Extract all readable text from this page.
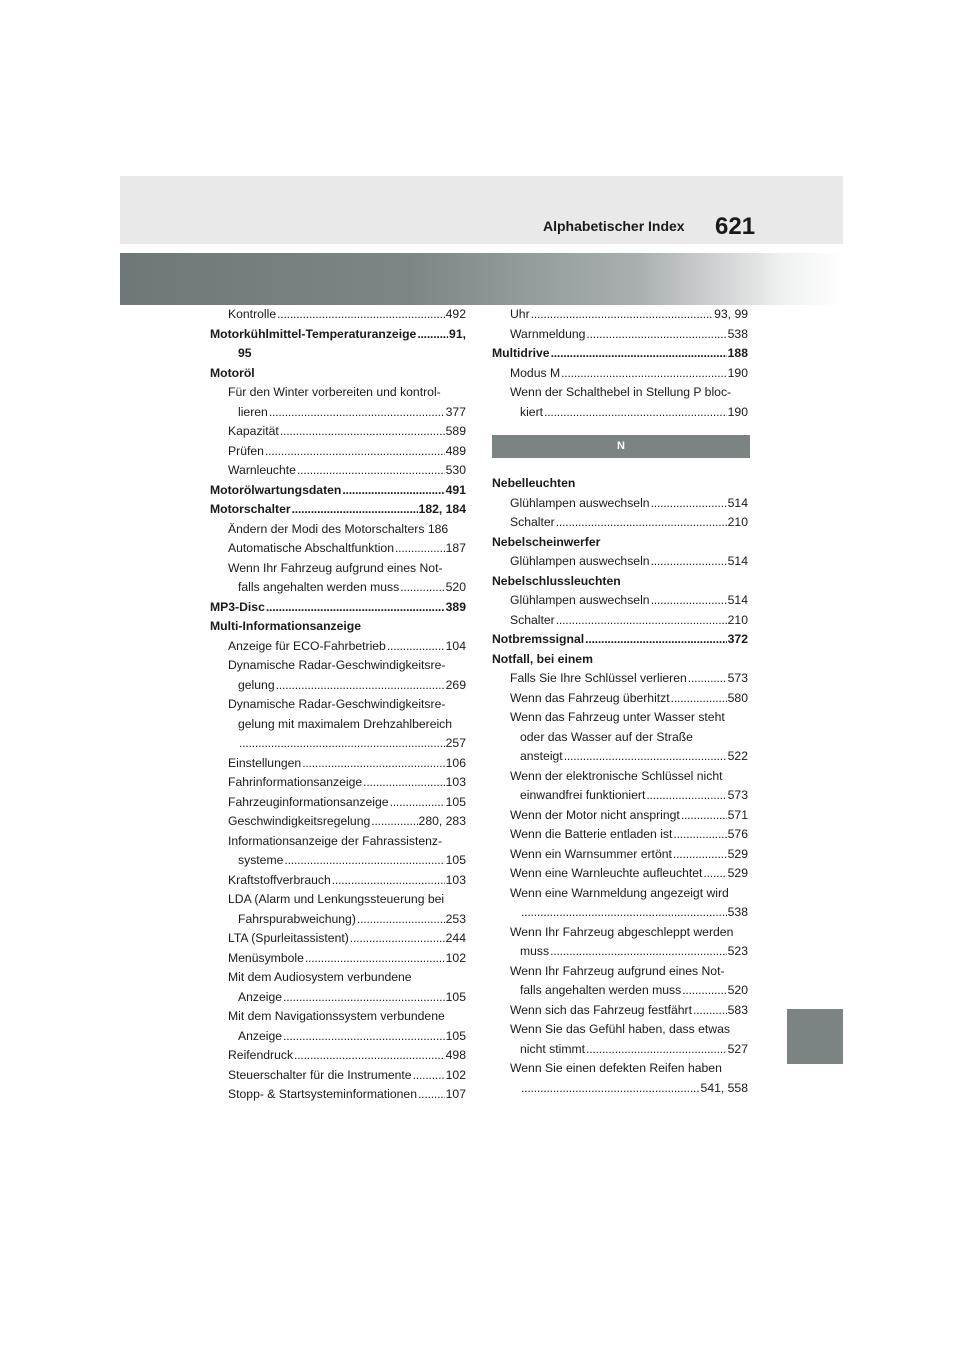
Alphabetischer Index 621
Kontrolle .....	492
Motorkühlmittel-Temperaturanzeige .....	91,
95
Motoröl
Für den Winter vorbereiten und kontrol-
lieren .....	377
Kapazität .....	589
Prüfen .....	489
Warnleuchte .....	530
Motorölwartungsdaten .....	491
Motorschalter .....	182, 184
Ändern der Modi des Motorschalters 186
Automatische Abschaltfunktion .....	187
Wenn Ihr Fahrzeug aufgrund eines Not-
falls angehalten werden muss .....	520
MP3-Disc .....	389
Multi-Informationsanzeige
Anzeige für ECO-Fahrbetrieb .....	104
Dynamische Radar-Geschwindigkeitsre-
gelung .....	269
Dynamische Radar-Geschwindigkeitsre-
gelung mit maximalem Drehzahlbereich
.....
257
Einstellungen .....	106
Fahrinformationsanzeige .....	103
Fahrzeuginformationsanzeige .....	105
Geschwindigkeitsregelung .....	280, 283
Informationsanzeige der Fahrassistenz-
systeme .....	105
Kraftstoffverbrauch .....	103
LDA (Alarm und Lenkungssteuerung bei
Fahrspurabweichung) .....	253
LTA (Spurleitassistent) .....	244
Menüsymbole .....	102
Mit dem Audiosystem verbundene
Anzeige .....	105
Mit dem Navigationssystem verbundene
Anzeige .....	105
Reifendruck .....	498
Steuerschalter für die Instrumente .....	102
Stopp- & Startsysteminformationen ..... 107
Uhr .....	93, 99
Warnmeldung .....	538
Multidrive .....	188
Modus M .....	190
Wenn der Schalthebel in Stellung P bloc-
kiert .....	190
N
Nebelleuchten
Glühlampen auswechseln .....	514
Schalter .....	210
Nebelscheinwerfer
Glühlampen auswechseln .....	514
Nebelschlussleuchten
Glühlampen auswechseln .....	514
Schalter .....	210
Notbremssignal .....	372
Notfall, bei einem
Falls Sie Ihre Schlüssel verlieren .....	573
Wenn das Fahrzeug überhitzt .....	580
Wenn das Fahrzeug unter Wasser steht
oder das Wasser auf der Straße
ansteigt .....	522
Wenn der elektronische Schlüssel nicht
einwandfrei funktioniert .....	573
Wenn der Motor nicht anspringt .....	571
Wenn die Batterie entladen ist .....	576
Wenn ein Warnsummer ertönt .....	529
Wenn eine Warnleuchte aufleuchtet ..... 529
Wenn eine Warnmeldung angezeigt wird
.....
538
Wenn Ihr Fahrzeug abgeschleppt werden
muss .....	523
Wenn Ihr Fahrzeug aufgrund eines Not-
falls angehalten werden muss .....	520
Wenn sich das Fahrzeug festfährt .....	583
Wenn Sie das Gefühl haben, dass etwas
nicht stimmt .....	527
Wenn Sie einen defekten Reifen haben
.....
541, 558
